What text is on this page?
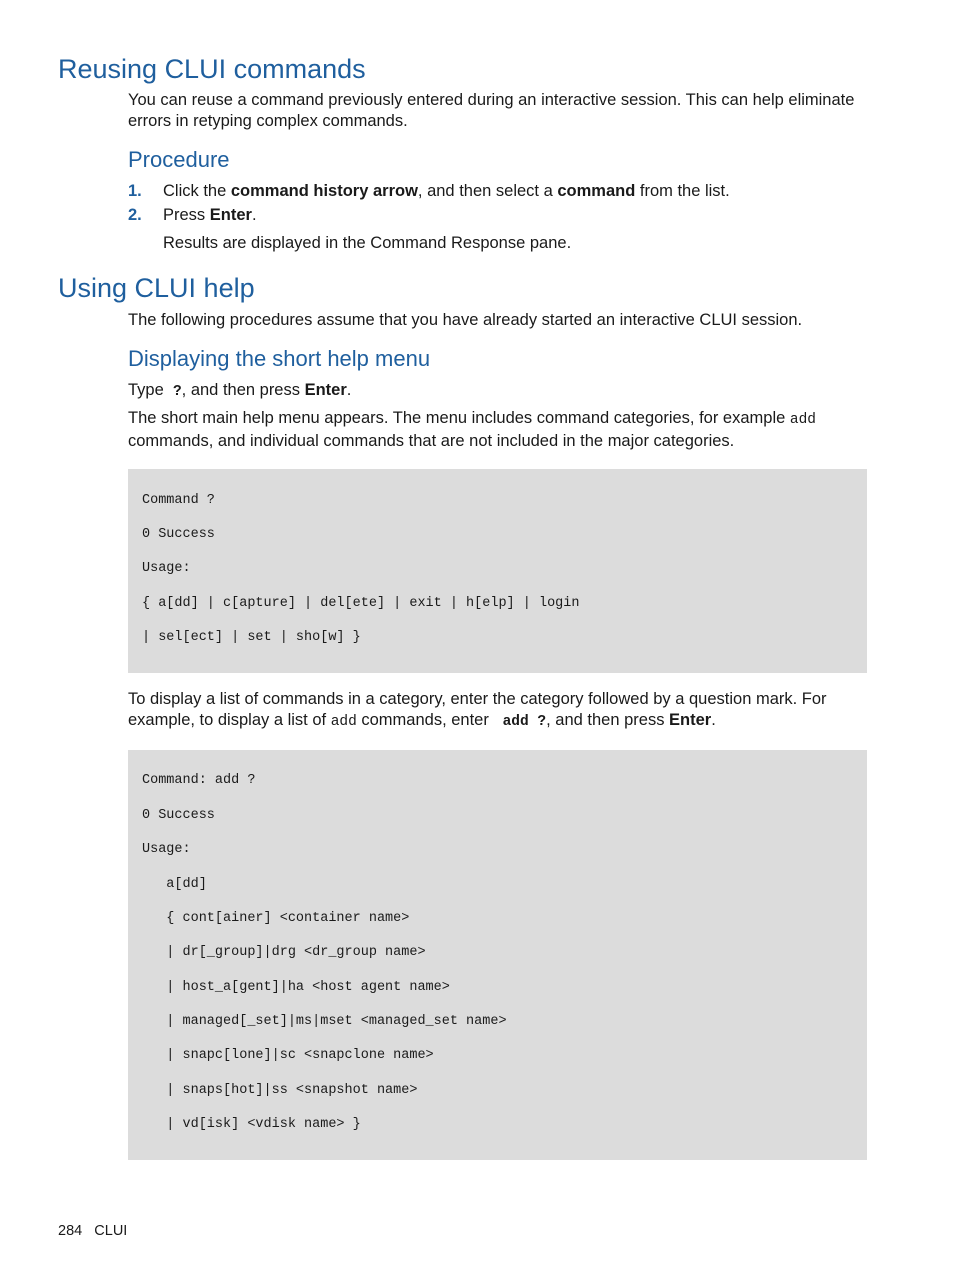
Reusing CLUI commands

You can reuse a command previously entered during an interactive session. This can help eliminate
errors in retyping complex commands.

Procedure
1. Click the command history arrow, and then select a command from the list.

2. Press Enter.

Results are displayed in the Command Response pane.

Using CLUI help

The following procedures assume that you have already started an interactive CLUI session.

Displaying the short help menu

Type  ?, and then press Enter.

The short main help menu appears. The menu includes command categories, for example add
commands, and individual commands that are not included in the major categories.

Command ?
0 Success
Usage:
{ a[dd] | c[apture] | del[ete] | exit | h[elp] | login
| sel[ect] | set | sho[w] }

To display a list of commands in a category, enter the category followed by a question mark. For
example, to display a list of add commands, enter   add ?, and then press Enter.

Command: add ?
0 Success
Usage:
a[dd]
{ cont[ainer] <container name>
| dr[_group]|drg <dr_group name>
| host_a[gent]|ha <host agent name>
| managed[_set]|ms|mset <managed_set name>
| snapc[lone]|sc <snapclone name>
| snaps[hot]|ss <snapshot name>
| vd[isk] <vdisk name> }
284 CLUI
